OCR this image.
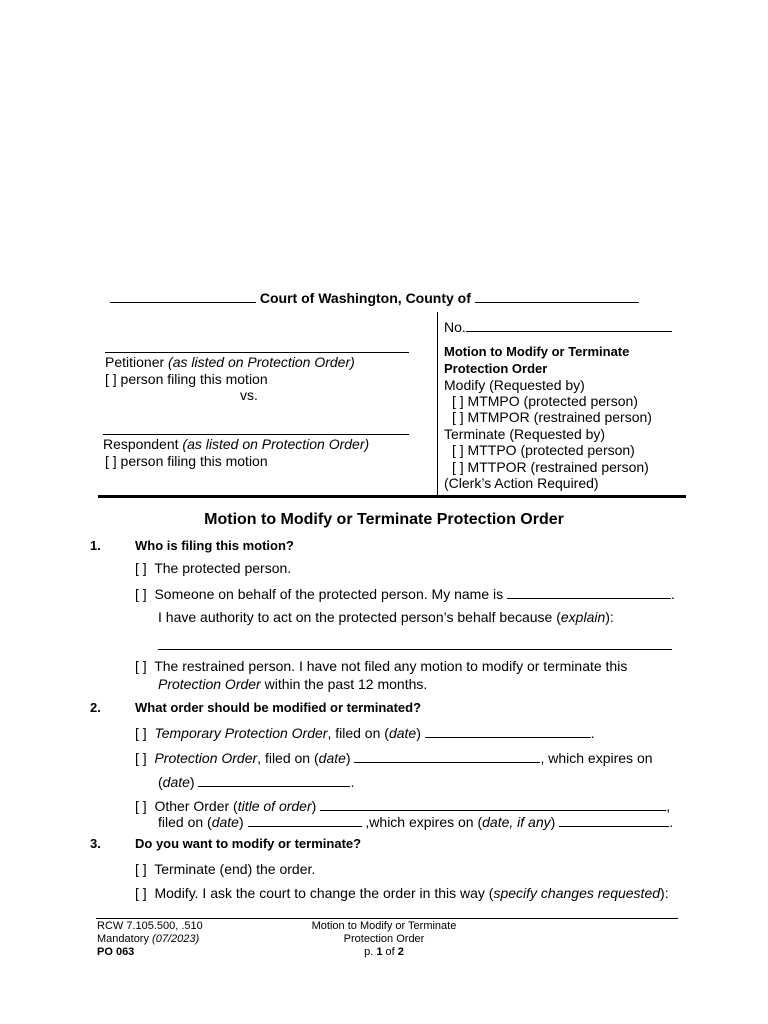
Court of Washington, County of
Petitioner (as listed on Protection Order)
[ ] person filing this motion
vs.
Respondent (as listed on Protection Order)
[ ] person filing this motion
No.
Motion to Modify or Terminate
Protection Order
Modify (Requested by)
[ ] MTMPO (protected person)
[ ] MTMPOR (restrained person)
Terminate (Requested by)
[ ] MTTPO (protected person)
[ ] MTTPOR (restrained person)
(Clerk’s Action Required)
Motion to Modify or Terminate Protection Order
1.	Who is filing this motion?
[ ] The protected person.
[ ] Someone on behalf of the protected person. My name is	.
I have authority to act on the protected person’s behalf because (explain):
[ ] The restrained person. I have not filed any motion to modify or terminate this
Protection Order within the past 12 months.
2.	What order should be modified or terminated?
[ ] Temporary Protection Order, filed on (date)	.
[ ] Protection Order, filed on (date)	, which expires on
(date)	.
[ ] Other Order (title of order)	,
filed on (date)	,which expires on (date, if any)	.
3.	Do you want to modify or terminate?
[ ] Terminate (end) the order.
[ ] Modify. I ask the court to change the order in this way (specify changes requested):
RCW 7.105.500, .510
Mandatory (07/2023)
PO 063
Motion to Modify or Terminate
Protection Order
p. 1 of 2
